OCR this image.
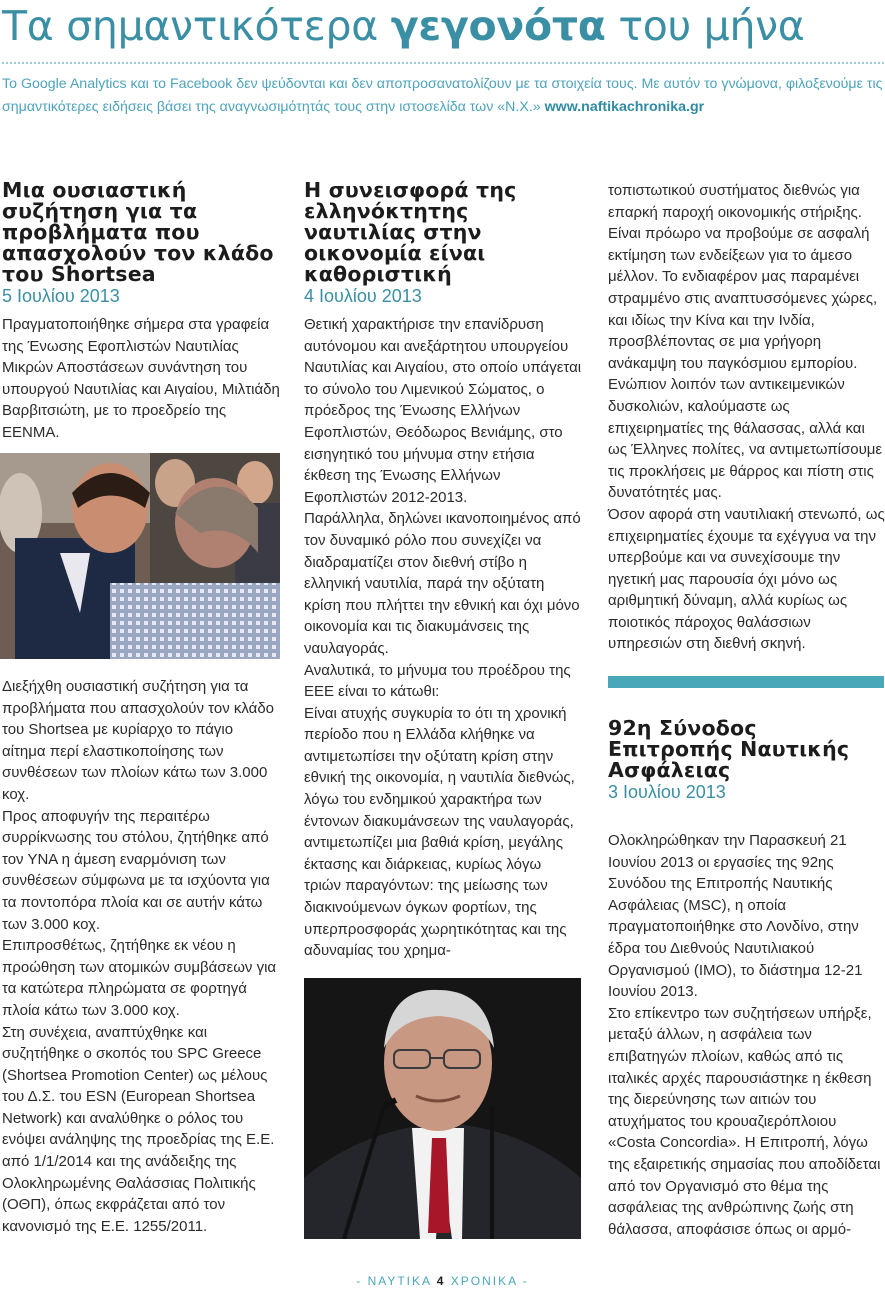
Τα σημαντικότερα γεγονότα του μήνα

Το Google Analytics και το Facebook δεν ψεύδονται και δεν αποπροσανατολίζουν με τα στοιχεία τους. Με αυτόν το γνώμονα, φιλοξενούμε τις σημαντικότερες ειδήσεις βάσει της αναγνωσιμότητάς τους στην ιστοσελίδα των «Ν.Χ.» www.naftikachronika.gr

Μια ουσιαστική συζήτηση για τα προβλήματα που απασχολούν τον κλάδο του Shortsea

5 Ιουλίου 2013

Πραγματοποιήθηκε σήμερα στα γραφεία της Ένωσης Εφοπλιστών Ναυτιλίας Μικρών Αποστάσεων συνάντηση του υπουργού Ναυτιλίας και Αιγαίου, Μιλτιάδη Βαρβιτσιώτη, με το προεδρείο της ΕΕΝΜΑ.

Διεξήχθη ουσιαστική συζήτηση για τα προβλήματα που απασχολούν τον κλάδο του Shortsea με κυρίαρχο το πάγιο αίτημα περί ελαστικοποίησης των συνθέσεων των πλοίων κάτω των 3.000 κοχ.

Προς αποφυγήν της περαιτέρω συρρίκνωσης του στόλου, ζητήθηκε από τον ΥΝΑ η άμεση εναρμόνιση των συνθέσεων σύμφωνα με τα ισχύοντα για τα ποντοπόρα πλοία και σε αυτήν κάτω των 3.000 κοχ.

Επιπροσθέτως, ζητήθηκε εκ νέου η προώθηση των ατομικών συμβάσεων για τα κατώτερα πληρώματα σε φορτηγά πλοία κάτω των 3.000 κοχ.

Στη συνέχεια, αναπτύχθηκε και συζητήθηκε ο σκοπός του SPC Greece (Shortsea Promotion Center) ως μέλους του Δ.Σ. του ESN (European Shortsea Network) και αναλύθηκε ο ρόλος του ενόψει ανάληψης της προεδρίας της Ε.Ε. από 1/1/2014 και της ανάδειξης της Ολοκληρωμένης Θαλάσσιας Πολιτικής (ΟΘΠ), όπως εκφράζεται από τον κανονισμό της Ε.Ε. 1255/2011.

Η συνεισφορά της ελληνόκτητης ναυτιλίας στην οικονομία είναι καθοριστική

4 Ιουλίου 2013

Θετική χαρακτήρισε την επανίδρυση αυτόνομου και ανεξάρτητου υπουργείου Ναυτιλίας και Αιγαίου, στο οποίο υπάγεται το σύνολο του Λιμενικού Σώματος, ο πρόεδρος της Ένωσης Ελλήνων Εφοπλιστών, Θεόδωρος Βενιάμης, στο εισηγητικό του μήνυμα στην ετήσια έκθεση της Ένωσης Ελλήνων Εφοπλιστών 2012-2013.

Παράλληλα, δηλώνει ικανοποιημένος από τον δυναμικό ρόλο που συνεχίζει να διαδραματίζει στον διεθνή στίβο η ελληνική ναυτιλία, παρά την οξύτατη κρίση που πλήττει την εθνική και όχι μόνο οικονομία και τις διακυμάνσεις της ναυλαγοράς.

Αναλυτικά, το μήνυμα του προέδρου της ΕΕΕ είναι το κάτωθι:

Είναι ατυχής συγκυρία το ότι τη χρονική περίοδο που η Ελλάδα κλήθηκε να αντιμετωπίσει την οξύτατη κρίση στην εθνική της οικονομία, η ναυτιλία διεθνώς, λόγω του ενδημικού χαρακτήρα των έντονων διακυμάνσεων της ναυλαγοράς, αντιμετωπίζει μια βαθιά κρίση, μεγάλης έκτασης και διάρκειας, κυρίως λόγω τριών παραγόντων: της μείωσης των διακινούμενων όγκων φορτίων, της υπερπροσφοράς χωρητικότητας και της αδυναμίας του χρημα-

τοπιστωτικού συστήματος διεθνώς για επαρκή παροχή οικονομικής στήριξης. Είναι πρόωρο να προβούμε σε ασφαλή εκτίμηση των ενδείξεων για το άμεσο μέλλον. Το ενδιαφέρον μας παραμένει στραμμένο στις αναπτυσσόμενες χώρες, και ιδίως την Κίνα και την Ινδία, προσβλέποντας σε μια γρήγορη ανάκαμψη του παγκόσμιου εμπορίου.

Ενώπιον λοιπόν των αντικειμενικών δυσκολιών, καλούμαστε ως επιχειρηματίες της θάλασσας, αλλά και ως Έλληνες πολίτες, να αντιμετωπίσουμε τις προκλήσεις με θάρρος και πίστη στις δυνατότητές μας.

Όσον αφορά στη ναυτιλιακή στενωπό, ως επιχειρηματίες έχουμε τα εχέγγυα να την υπερβούμε και να συνεχίσουμε την ηγετική μας παρουσία όχι μόνο ως αριθμητική δύναμη, αλλά κυρίως ως ποιοτικός πάροχος θαλάσσιων υπηρεσιών στη διεθνή σκηνή.

92η Σύνοδος Επιτροπής Ναυτικής Ασφάλειας

3 Ιουλίου 2013

Ολοκληρώθηκαν την Παρασκευή 21 Ιουνίου 2013 οι εργασίες της 92ης Συνόδου της Επιτροπής Ναυτικής Ασφάλειας (MSC), η οποία πραγματοποιήθηκε στο Λονδίνο, στην έδρα του Διεθνούς Ναυτιλιακού Οργανισμού (ΙΜΟ), το διάστημα 12-21 Ιουνίου 2013.

Στο επίκεντρο των συζητήσεων υπήρξε, μεταξύ άλλων, η ασφάλεια των επιβατηγών πλοίων, καθώς από τις ιταλικές αρχές παρουσιάστηκε η έκθεση της διερεύνησης των αιτιών του ατυχήματος του κρουαζιερόπλοιου «Costa Concordia». Η Επιτροπή, λόγω της εξαιρετικής σημασίας που αποδίδεται από τον Οργανισμό στο θέμα της ασφάλειας της ανθρώπινης ζωής στη θάλασσα, αποφάσισε όπως οι αρμό-

- ΝΑΥΤΙΚΑ 4 ΧΡΟΝΙΚΑ -
